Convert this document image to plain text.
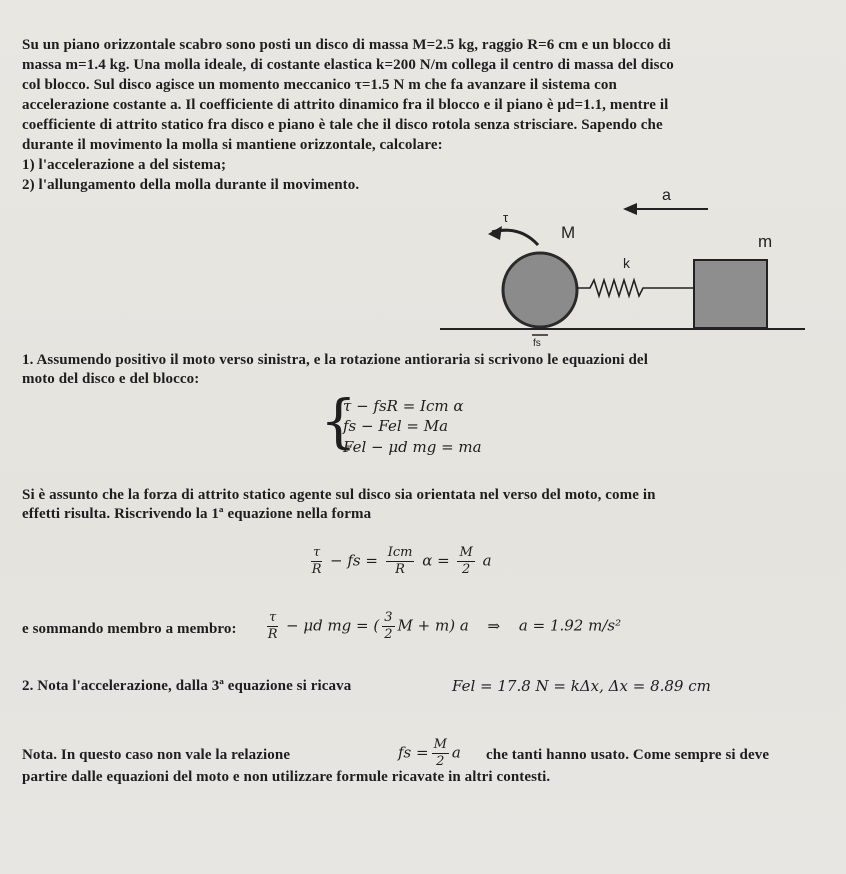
Su un piano orizzontale scabro sono posti un disco di massa M=2.5 kg, raggio R=6 cm e un blocco di
massa m=1.4 kg. Una molla ideale, di costante elastica k=200 N/m collega il centro di massa del disco
col blocco. Sul disco agisce un momento meccanico τ=1.5 N m che fa avanzare il sistema con
accelerazione costante a. Il coefficiente di attrito dinamico fra il blocco e il piano è μd=1.1, mentre il
coefficiente di attrito statico fra disco e piano è tale che il disco rotola senza strisciare. Sapendo che
durante il movimento la molla si mantiene orizzontale, calcolare:
1) l'accelerazione a del sistema;
2) l'allungamento della molla durante il movimento.
a
τ
M
k
m
fs
1. Assumendo positivo il moto verso sinistra, e la rotazione antioraria si scrivono le equazioni del
moto del disco e del blocco:
{
τ − fsR = Icm α
fs − Fel = Ma
Fel − μd mg = ma
Si è assunto che la forza di attrito statico agente sul disco sia orientata nel verso del moto, come in
effetti risulta. Riscrivendo la 1ª equazione nella forma
$\frac{\tau}{R}$ − fs = $\frac{\text{Icm}}{R}$ $\alpha = \frac{M}{2}$ a
e sommando membro a membro: $\frac{\tau}{R} - \mu d$ mg = ( $\frac{3}{2}$ M + m) a ⇒ a = 1.92 m/s²
2. Nota l'accelerazione, dalla 3ª equazione si ricava	Fel = 17.8 N = kΔx, Δx = 8.89 cm
Nota. In questo caso non vale la relazione	fs = $\frac{M}{2}$ a che tanti hanno usato. Come sempre si deve
partire dalle equazioni del moto e non utilizzare formule ricavate in altri contesti.
